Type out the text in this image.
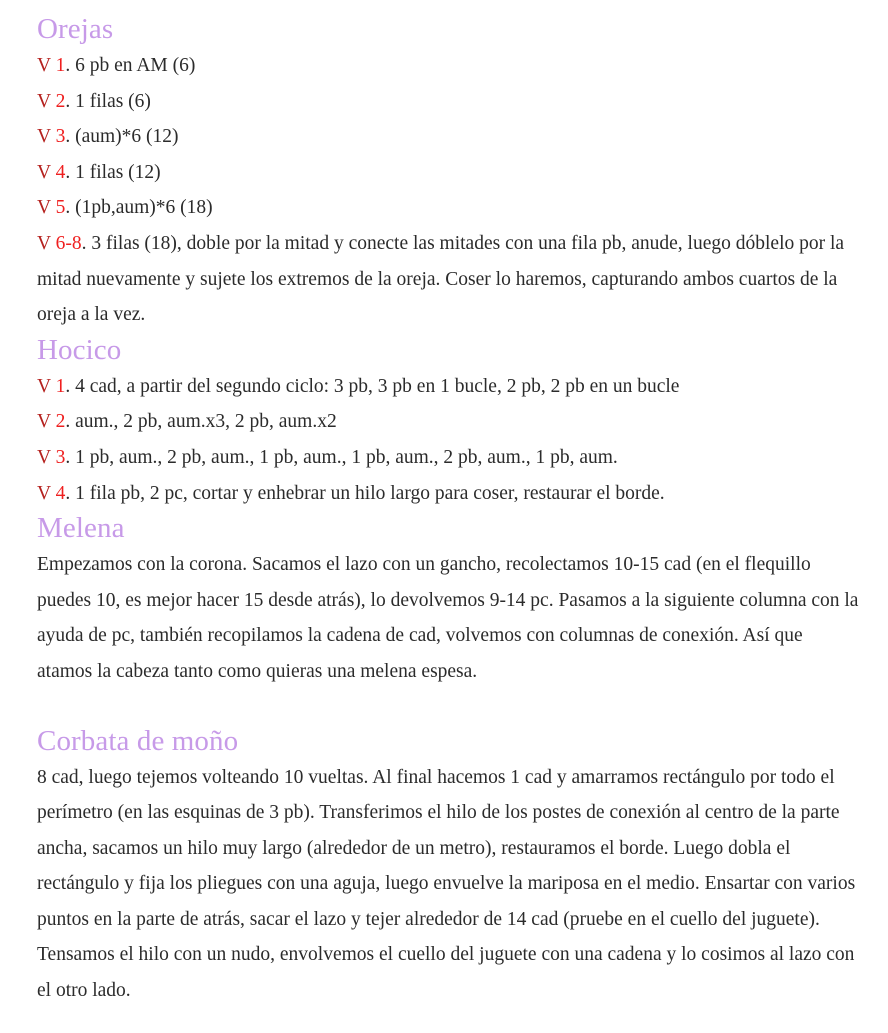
Orejas

V 1. 6 pb en AM (6)

V 2. 1 filas (6)

V 3. (aum)*6 (12)

V 4. 1 filas (12)

V 5. (1pb,aum)*6 (18)

V 6-8. 3 filas (18), doble por la mitad y conecte las mitades con una fila pb, anude, luego dóblelo por la mitad nuevamente y sujete los extremos de la oreja. Coser lo haremos, capturando ambos cuartos de la oreja a la vez.

Hocico

V 1. 4 cad, a partir del segundo ciclo: 3 pb, 3 pb en 1 bucle, 2 pb, 2 pb en un bucle

V 2. aum., 2 pb, aum.x3, 2 pb, aum.x2

V 3. 1 pb, aum., 2 pb, aum., 1 pb, aum., 1 pb, aum., 2 pb, aum., 1 pb, aum.

V 4. 1 fila pb, 2 pc, cortar y enhebrar un hilo largo para coser, restaurar el borde.

Melena

Empezamos con la corona. Sacamos el lazo con un gancho, recolectamos 10-15 cad (en el flequillo puedes 10, es mejor hacer 15 desde atrás), lo devolvemos 9-14 pc. Pasamos a la siguiente columna con la ayuda de pc, también recopilamos la cadena de cad, volvemos con columnas de conexión. Así que atamos la cabeza tanto como quieras una melena espesa.

Corbata de moño

8 cad, luego tejemos volteando 10 vueltas. Al final hacemos 1 cad y amarramos rectángulo por todo el perímetro (en las esquinas de 3 pb). Transferimos el hilo de los postes de conexión al centro de la parte ancha, sacamos un hilo muy largo (alrededor de un metro), restauramos el borde. Luego dobla el rectángulo y fija los pliegues con una aguja, luego envuelve la mariposa en el medio. Ensartar con varios puntos en la parte de atrás, sacar el lazo y tejer alrededor de 14 cad (pruebe en el cuello del juguete). Tensamos el hilo con un nudo, envolvemos el cuello del juguete con una cadena y lo cosimos al lazo con el otro lado.
